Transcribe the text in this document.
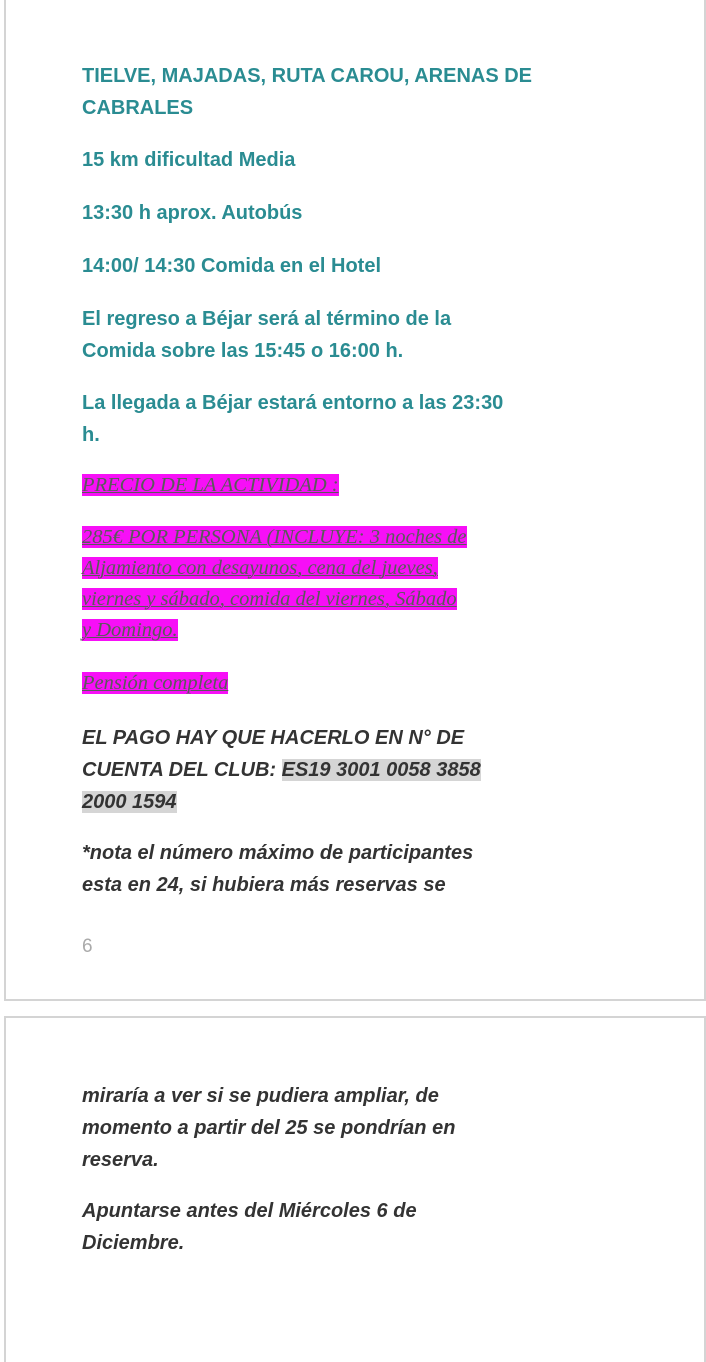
TIELVE, MAJADAS, RUTA CAROU, ARENAS DE
CABRALES
15 km dificultad Media
13:30 h aprox. Autobús
14:00/ 14:30 Comida en el Hotel
El regreso a Béjar será al término de la
Comida sobre las 15:45 o 16:00 h.
La llegada a Béjar estará entorno a las 23:30
h.
PRECIO DE LA ACTIVIDAD :
285€ POR PERSONA (INCLUYE: 3 noches de
Aljamiento con desayunos, cena del jueves,
viernes y sábado, comida del viernes, Sábado
y Domingo.
Pensión completa
EL PAGO HAY QUE HACERLO EN N° DE
CUENTA DEL CLUB: ES19 3001 0058 3858
2000 1594
*nota el número máximo de participantes
esta en 24, si hubiera más reservas se
6
miraría a ver si se pudiera ampliar, de
momento a partir del 25 se pondrían en
reserva.
Apuntarse antes del Miércoles 6 de
Diciembre.
